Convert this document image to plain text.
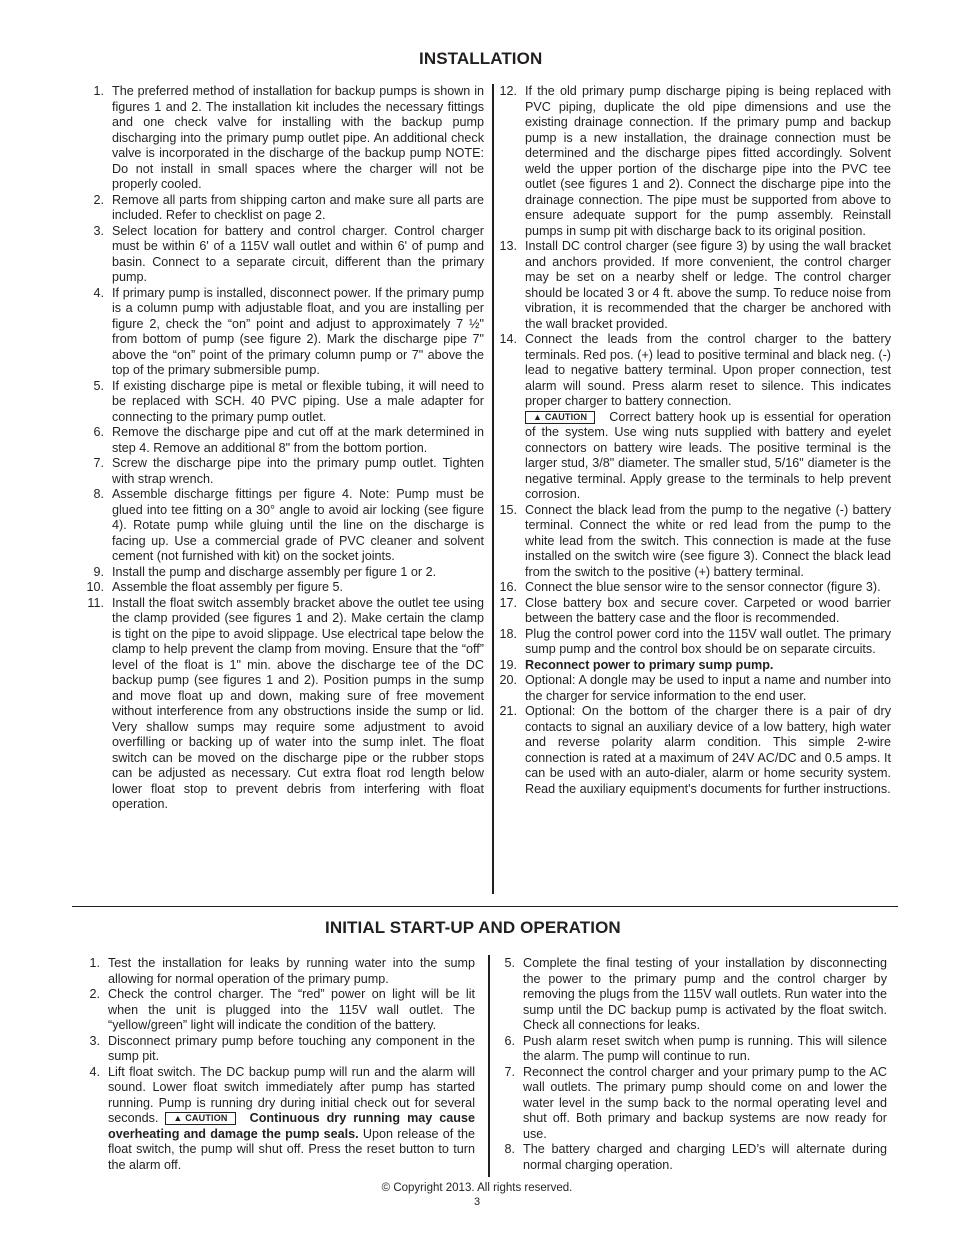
INSTALLATION
1. The preferred method of installation for backup pumps is shown in figures 1 and 2. The installation kit includes the necessary fittings and one check valve for installing with the backup pump discharging into the primary pump outlet pipe. An additional check valve is incorporated in the discharge of the backup pump NOTE: Do not install in small spaces where the charger will not be properly cooled.
2. Remove all parts from shipping carton and make sure all parts are included. Refer to checklist on page 2.
3. Select location for battery and control charger. Control charger must be within 6' of a 115V wall outlet and within 6' of pump and basin. Connect to a separate circuit, different than the primary pump.
4. If primary pump is installed, disconnect power. If the primary pump is a column pump with adjustable float, and you are installing per figure 2, check the “on” point and adjust to approximately 7 ½" from bottom of pump (see figure 2). Mark the discharge pipe 7" above the “on” point of the primary column pump or 7" above the top of the primary submersible pump.
5. If existing discharge pipe is metal or flexible tubing, it will need to be replaced with SCH. 40 PVC piping. Use a male adapter for connecting to the primary pump outlet.
6. Remove the discharge pipe and cut off at the mark determined in step 4. Remove an additional 8" from the bottom portion.
7. Screw the discharge pipe into the primary pump outlet. Tighten with strap wrench.
8. Assemble discharge fittings per figure 4. Note: Pump must be glued into tee fitting on a 30° angle to avoid air locking (see figure 4). Rotate pump while gluing until the line on the discharge is facing up. Use a commercial grade of PVC cleaner and solvent cement (not furnished with kit) on the socket joints.
9. Install the pump and discharge assembly per figure 1 or 2.
10. Assemble the float assembly per figure 5.
11. Install the float switch assembly bracket above the outlet tee using the clamp provided (see figures 1 and 2). Make certain the clamp is tight on the pipe to avoid slippage. Use electrical tape below the clamp to help prevent the clamp from moving. Ensure that the “off” level of the float is 1" min. above the discharge tee of the DC backup pump (see figures 1 and 2). Position pumps in the sump and move float up and down, making sure of free movement without interference from any obstructions inside the sump or lid. Very shallow sumps may require some adjustment to avoid overfilling or backing up of water into the sump inlet. The float switch can be moved on the discharge pipe or the rubber stops can be adjusted as necessary. Cut extra float rod length below lower float stop to prevent debris from interfering with float operation.
12. If the old primary pump discharge piping is being replaced with PVC piping, duplicate the old pipe dimensions and use the existing drainage connection. If the primary pump and backup pump is a new installation, the drainage connection must be determined and the discharge pipes fitted accordingly. Solvent weld the upper portion of the discharge pipe into the PVC tee outlet (see figures 1 and 2). Connect the discharge pipe into the drainage connection. The pipe must be supported from above to ensure adequate support for the pump assembly. Reinstall pumps in sump pit with discharge back to its original position.
13. Install DC control charger (see figure 3) by using the wall bracket and anchors provided. If more convenient, the control charger may be set on a nearby shelf or ledge. The control charger should be located 3 or 4 ft. above the sump. To reduce noise from vibration, it is recommended that the charger be anchored with the wall bracket provided.
14. Connect the leads from the control charger to the battery terminals. Red pos. (+) lead to positive terminal and black neg. (-) lead to negative battery terminal. Upon proper connection, test alarm will sound. Press alarm reset to silence. This indicates proper charger to battery connection.
▲ CAUTION Correct battery hook up is essential for operation of the system. Use wing nuts supplied with battery and eyelet connectors on battery wire leads. The positive terminal is the larger stud, 3/8" diameter. The smaller stud, 5/16" diameter is the negative terminal. Apply grease to the terminals to help prevent corrosion.
15. Connect the black lead from the pump to the negative (-) battery terminal. Connect the white or red lead from the pump to the white lead from the switch. This connection is made at the fuse installed on the switch wire (see figure 3). Connect the black lead from the switch to the positive (+) battery terminal.
16. Connect the blue sensor wire to the sensor connector (figure 3).
17. Close battery box and secure cover. Carpeted or wood barrier between the battery case and the floor is recommended.
18. Plug the control power cord into the 115V wall outlet. The primary sump pump and the control box should be on separate circuits.
19. Reconnect power to primary sump pump.
20. Optional: A dongle may be used to input a name and number into the charger for service information to the end user.
21. Optional: On the bottom of the charger there is a pair of dry contacts to signal an auxiliary device of a low battery, high water and reverse polarity alarm condition. This simple 2-wire connection is rated at a maximum of 24V AC/DC and 0.5 amps. It can be used with an auto-dialer, alarm or home security system. Read the auxiliary equipment's documents for further instructions.
INITIAL START-UP AND OPERATION
1. Test the installation for leaks by running water into the sump allowing for normal operation of the primary pump.
2. Check the control charger. The “red” power on light will be lit when the unit is plugged into the 115V wall outlet. The “yellow/green” light will indicate the condition of the battery.
3. Disconnect primary pump before touching any component in the sump pit.
4. Lift float switch. The DC backup pump will run and the alarm will sound. Lower float switch immediately after pump has started running. Pump is running dry during initial check out for several seconds. ▲ CAUTION Continuous dry running may cause overheating and damage the pump seals. Upon release of the float switch, the pump will shut off. Press the reset button to turn the alarm off.
5. Complete the final testing of your installation by disconnecting the power to the primary pump and the control charger by removing the plugs from the 115V wall outlets. Run water into the sump until the DC backup pump is activated by the float switch. Check all connections for leaks.
6. Push alarm reset switch when pump is running. This will silence the alarm. The pump will continue to run.
7. Reconnect the control charger and your primary pump to the AC wall outlets. The primary pump should come on and lower the water level in the sump back to the normal operating level and shut off. Both primary and backup systems are now ready for use.
8. The battery charged and charging LED’s will alternate during normal charging operation.
© Copyright 2013. All rights reserved.
3
